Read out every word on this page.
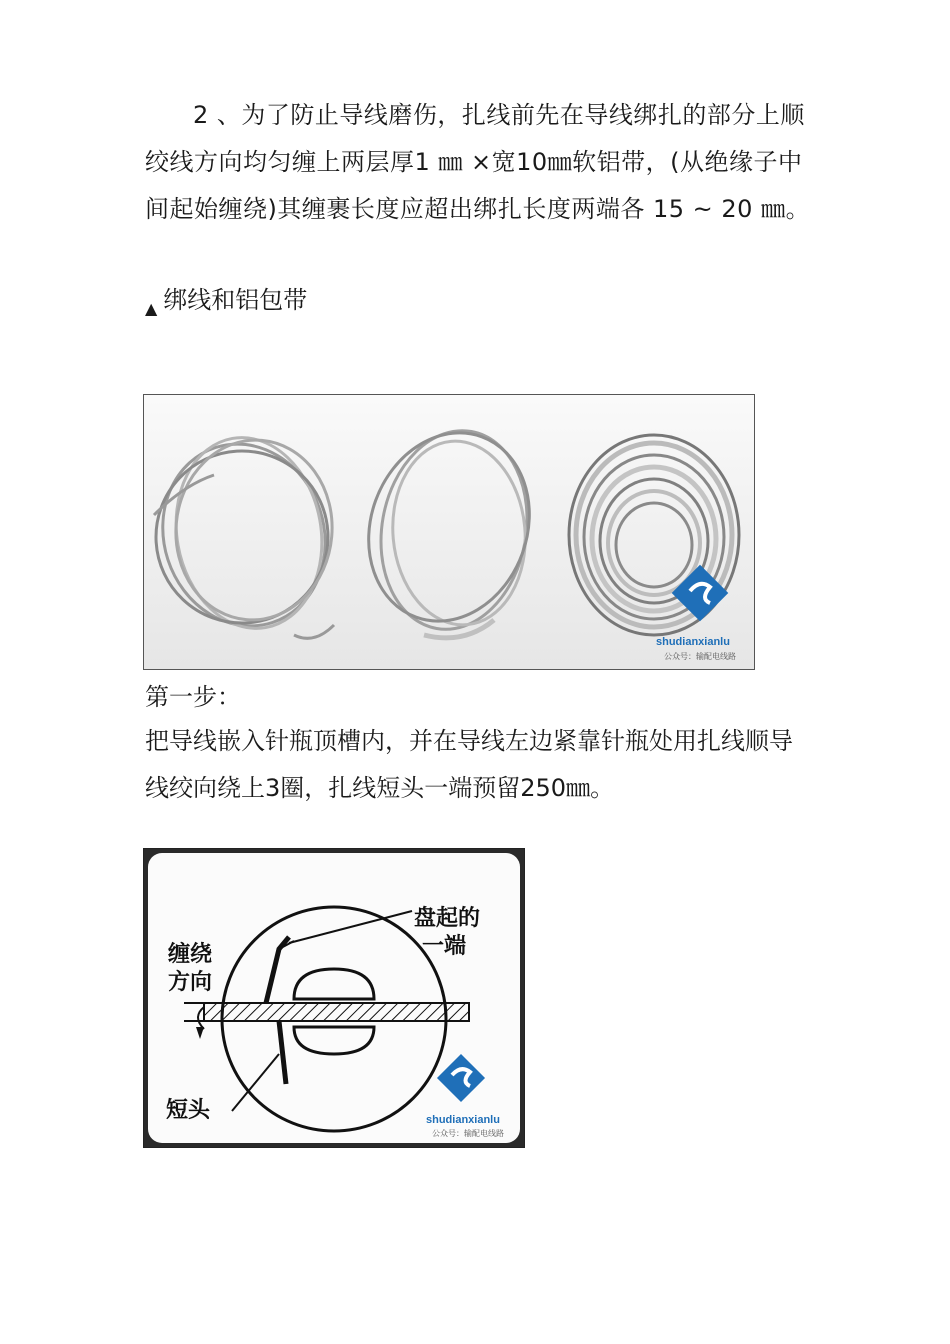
2 、为了防止导线磨伤，扎线前先在导线绑扎的部分上顺绞线方向均匀缠上两层厚1 ㎜ ×宽10㎜软铝带，(从绝缘子中间起始缠绕)其缠裹长度应超出绑扎长度两端各 15 ~ 20 ㎜。

▲ 绑线和铝包带
shudianxianlu
公众号：输配电线路
第一步：

把导线嵌入针瓶顶槽内，并在导线左边紧靠针瓶处用扎线顺导线绞向绕上3圈，扎线短头一端预留250㎜。

盘起的
一端
缠绕
方向
短头	shudianxianlu
公众号：输配电线路
